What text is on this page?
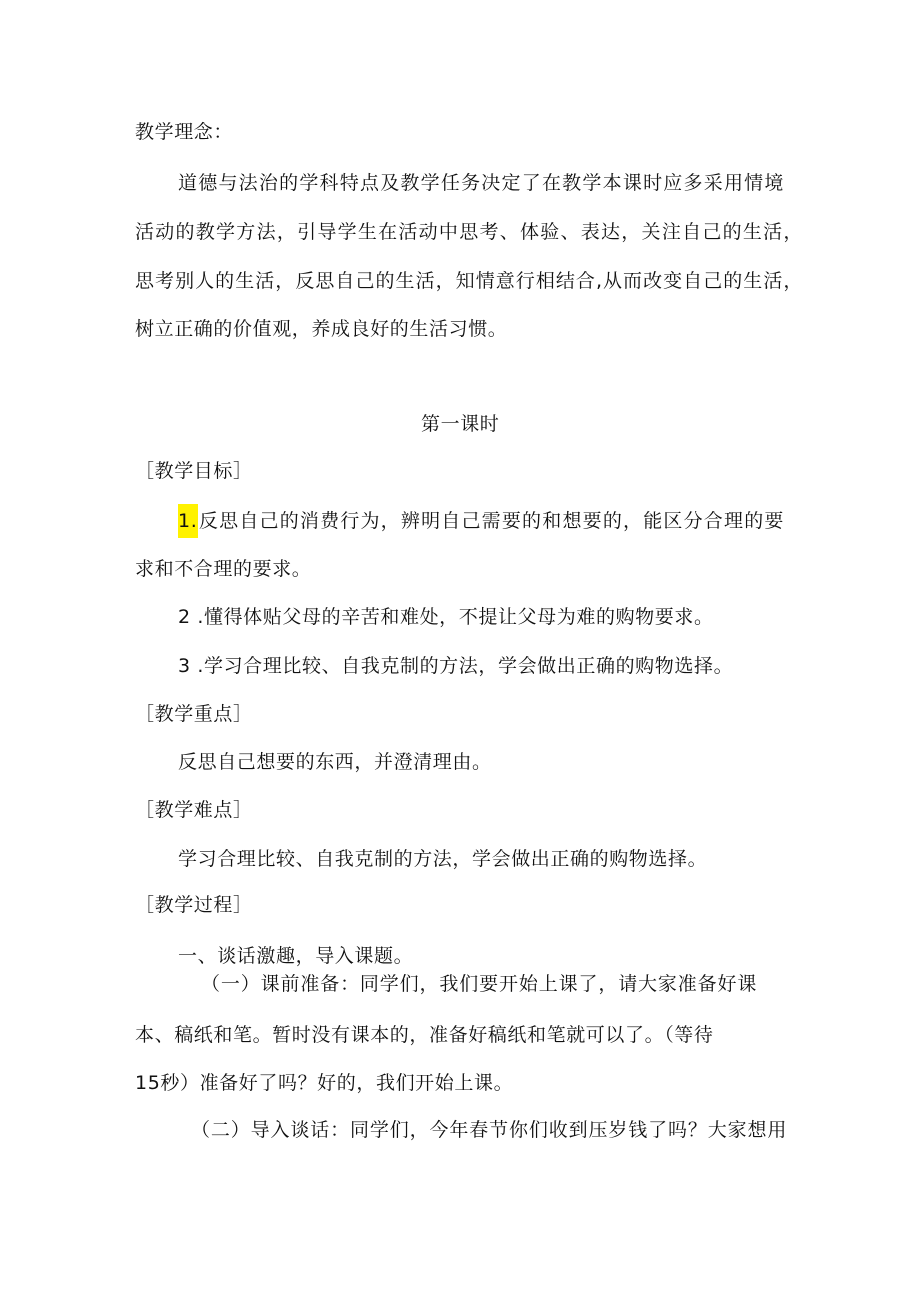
教学理念：
道德与法治的学科特点及教学任务决定了在教学本课时应多采用情境
活动的教学方法，引导学生在活动中思考、体验、表达，关注自己的生活，
思考别人的生活，反思自己的生活，知情意行相结合,从而改变自己的生活，
树立正确的价值观，养成良好的生活习惯。
第一课时
［教学目标］
1.反思自己的消费行为，辨明自己需要的和想要的，能区分合理的要
求和不合理的要求。
2 .懂得体贴父母的辛苦和难处，不提让父母为难的购物要求。
3 .学习合理比较、自我克制的方法，学会做出正确的购物选择。
［教学重点］
反思自己想要的东西，并澄清理由。
［教学难点］
学习合理比较、自我克制的方法，学会做出正确的购物选择。
［教学过程］
一、谈话激趣，导入课题。
（一）课前准备：同学们，我们要开始上课了，请大家准备好课
本、稿纸和笔。暂时没有课本的，准备好稿纸和笔就可以了。（等待
15秒）准备好了吗？好的，我们开始上课。
（二）导入谈话：同学们，今年春节你们收到压岁钱了吗？大家想用
